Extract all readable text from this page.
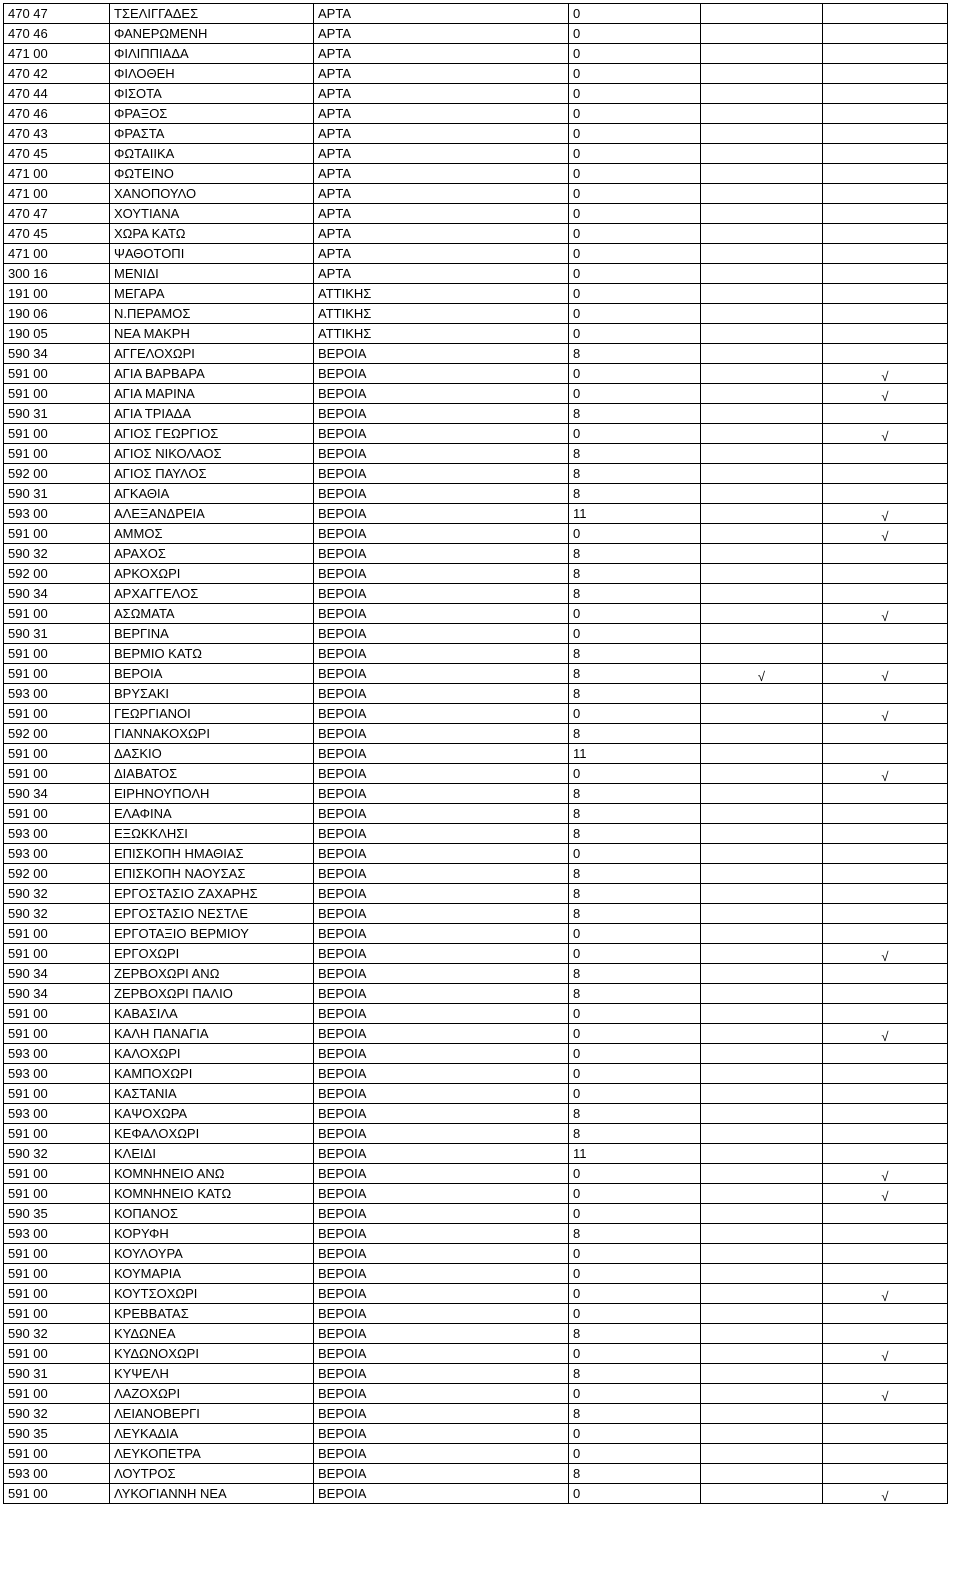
470 47	ΤΣΕΛΙΓΓΑΔΕΣ	ΑΡΤΑ	0		
470 46	ΦΑΝΕΡΩΜΕΝΗ	ΑΡΤΑ	0		
471 00	ΦΙΛΙΠΠΙΑΔΑ	ΑΡΤΑ	0		
470 42	ΦΙΛΟΘΕΗ	ΑΡΤΑ	0		
470 44	ΦΙΣΟΤΑ	ΑΡΤΑ	0		
470 46	ΦΡΑΞΟΣ	ΑΡΤΑ	0		
470 43	ΦΡΑΣΤΑ	ΑΡΤΑ	0		
470 45	ΦΩΤΑΙΙΚΑ	ΑΡΤΑ	0		
471 00	ΦΩΤΕΙΝΟ	ΑΡΤΑ	0		
471 00	ΧΑΝΟΠΟΥΛΟ	ΑΡΤΑ	0		
470 47	ΧΟΥΤΙΑΝΑ	ΑΡΤΑ	0		
470 45	ΧΩΡΑ ΚΑΤΩ	ΑΡΤΑ	0		
471 00	ΨΑΘΟΤΟΠΙ	ΑΡΤΑ	0		
300 16	ΜΕΝΙΔΙ	ΑΡΤΑ	0		
191 00	ΜΕΓΑΡΑ	ΑΤΤΙΚΗΣ	0		
190 06	Ν.ΠΕΡΑΜΟΣ	ΑΤΤΙΚΗΣ	0		
190 05	ΝΕΑ ΜΑΚΡΗ	ΑΤΤΙΚΗΣ	0		
590 34	ΑΓΓΕΛΟΧΩΡΙ	ΒΕΡΟΙΑ	8		
591 00	ΑΓΙΑ ΒΑΡΒΑΡΑ	ΒΕΡΟΙΑ	0		√
591 00	ΑΓΙΑ ΜΑΡΙΝΑ	ΒΕΡΟΙΑ	0		√
590 31	ΑΓΙΑ ΤΡΙΑΔΑ	ΒΕΡΟΙΑ	8		
591 00	ΑΓΙΟΣ ΓΕΩΡΓΙΟΣ	ΒΕΡΟΙΑ	0		√
591 00	ΑΓΙΟΣ ΝΙΚΟΛΑΟΣ	ΒΕΡΟΙΑ	8		
592 00	ΑΓΙΟΣ ΠΑΥΛΟΣ	ΒΕΡΟΙΑ	8		
590 31	ΑΓΚΑΘΙΑ	ΒΕΡΟΙΑ	8		
593 00	ΑΛΕΞΑΝΔΡΕΙΑ	ΒΕΡΟΙΑ	11		√
591 00	ΑΜΜΟΣ	ΒΕΡΟΙΑ	0		√
590 32	ΑΡΑΧΟΣ	ΒΕΡΟΙΑ	8		
592 00	ΑΡΚΟΧΩΡΙ	ΒΕΡΟΙΑ	8		
590 34	ΑΡΧΑΓΓΕΛΟΣ	ΒΕΡΟΙΑ	8		
591 00	ΑΣΩΜΑΤΑ	ΒΕΡΟΙΑ	0		√
590 31	ΒΕΡΓΙΝΑ	ΒΕΡΟΙΑ	0		
591 00	ΒΕΡΜΙΟ ΚΑΤΩ	ΒΕΡΟΙΑ	8		
591 00	ΒΕΡΟΙΑ	ΒΕΡΟΙΑ	8	√	√
593 00	ΒΡΥΣΑΚΙ	ΒΕΡΟΙΑ	8		
591 00	ΓΕΩΡΓΙΑΝΟΙ	ΒΕΡΟΙΑ	0		√
592 00	ΓΙΑΝΝΑΚΟΧΩΡΙ	ΒΕΡΟΙΑ	8		
591 00	ΔΑΣΚΙΟ	ΒΕΡΟΙΑ	11		
591 00	ΔΙΑΒΑΤΟΣ	ΒΕΡΟΙΑ	0		√
590 34	ΕΙΡΗΝΟΥΠΟΛΗ	ΒΕΡΟΙΑ	8		
591 00	ΕΛΑΦΙΝΑ	ΒΕΡΟΙΑ	8		
593 00	ΕΞΩΚΚΛΗΣΙ	ΒΕΡΟΙΑ	8		
593 00	ΕΠΙΣΚΟΠΗ ΗΜΑΘΙΑΣ	ΒΕΡΟΙΑ	0		
592 00	ΕΠΙΣΚΟΠΗ ΝΑΟΥΣΑΣ	ΒΕΡΟΙΑ	8		
590 32	ΕΡΓΟΣΤΑΣΙΟ ΖΑΧΑΡΗΣ	ΒΕΡΟΙΑ	8		
590 32	ΕΡΓΟΣΤΑΣΙΟ ΝΕΣΤΛΕ	ΒΕΡΟΙΑ	8		
591 00	ΕΡΓΟΤΑΞΙΟ ΒΕΡΜΙΟΥ	ΒΕΡΟΙΑ	0		
591 00	ΕΡΓΟΧΩΡΙ	ΒΕΡΟΙΑ	0		√
590 34	ΖΕΡΒΟΧΩΡΙ ΑΝΩ	ΒΕΡΟΙΑ	8		
590 34	ΖΕΡΒΟΧΩΡΙ ΠΑΛΙΟ	ΒΕΡΟΙΑ	8		
591 00	ΚΑΒΑΣΙΛΑ	ΒΕΡΟΙΑ	0		
591 00	ΚΑΛΗ ΠΑΝΑΓΙΑ	ΒΕΡΟΙΑ	0		√
593 00	ΚΑΛΟΧΩΡΙ	ΒΕΡΟΙΑ	0		
593 00	ΚΑΜΠΟΧΩΡΙ	ΒΕΡΟΙΑ	0		
591 00	ΚΑΣΤΑΝΙΑ	ΒΕΡΟΙΑ	0		
593 00	ΚΑΨΟΧΩΡΑ	ΒΕΡΟΙΑ	8		
591 00	ΚΕΦΑΛΟΧΩΡΙ	ΒΕΡΟΙΑ	8		
590 32	ΚΛΕΙΔΙ	ΒΕΡΟΙΑ	11		
591 00	ΚΟΜΝΗΝΕΙΟ ΑΝΩ	ΒΕΡΟΙΑ	0		√
591 00	ΚΟΜΝΗΝΕΙΟ ΚΑΤΩ	ΒΕΡΟΙΑ	0		√
590 35	ΚΟΠΑΝΟΣ	ΒΕΡΟΙΑ	0		
593 00	ΚΟΡΥΦΗ	ΒΕΡΟΙΑ	8		
591 00	ΚΟΥΛΟΥΡΑ	ΒΕΡΟΙΑ	0		
591 00	ΚΟΥΜΑΡΙΑ	ΒΕΡΟΙΑ	0		
591 00	ΚΟΥΤΣΟΧΩΡΙ	ΒΕΡΟΙΑ	0		√
591 00	ΚΡΕΒΒΑΤΑΣ	ΒΕΡΟΙΑ	0		
590 32	ΚΥΔΩΝΕΑ	ΒΕΡΟΙΑ	8		
591 00	ΚΥΔΩΝΟΧΩΡΙ	ΒΕΡΟΙΑ	0		√
590 31	ΚΥΨΕΛΗ	ΒΕΡΟΙΑ	8		
591 00	ΛΑΖΟΧΩΡΙ	ΒΕΡΟΙΑ	0		√
590 32	ΛΕΙΑΝΟΒΕΡΓΙ	ΒΕΡΟΙΑ	8		
590 35	ΛΕΥΚΑΔΙΑ	ΒΕΡΟΙΑ	0		
591 00	ΛΕΥΚΟΠΕΤΡΑ	ΒΕΡΟΙΑ	0		
593 00	ΛΟΥΤΡΟΣ	ΒΕΡΟΙΑ	8		
591 00	ΛΥΚΟΓΙΑΝΝΗ ΝΕΑ	ΒΕΡΟΙΑ	0		√
